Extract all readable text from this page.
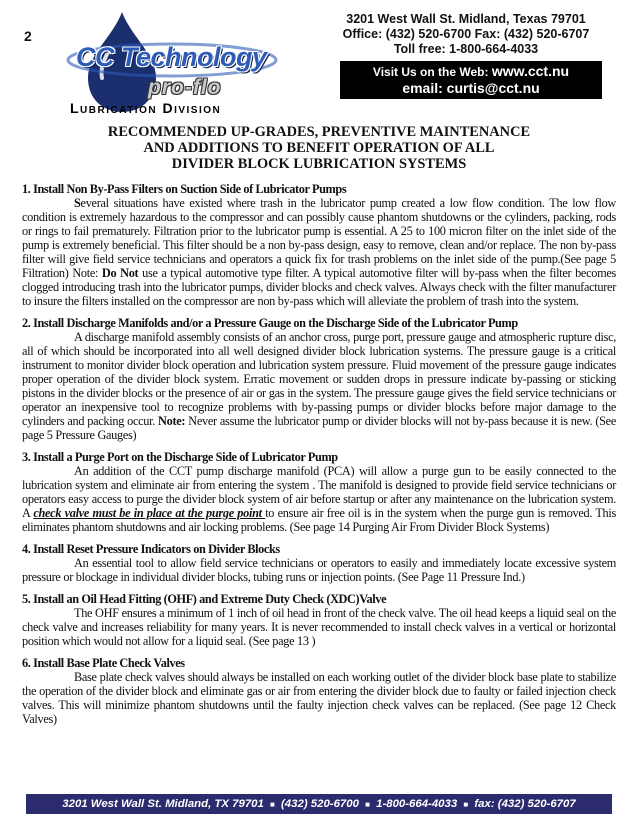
2
CC Technology
pro-flo
Lubrication Division
3201 West Wall St. Midland, Texas 79701
Office: (432) 520-6700 Fax: (432) 520-6707
Toll free: 1-800-664-4033
Visit Us on the Web: www.cct.nu
email: curtis@cct.nu
RECOMMENDED UP-GRADES, PREVENTIVE MAINTENANCE
AND ADDITIONS TO BENEFIT OPERATION OF ALL
DIVIDER BLOCK LUBRICATION SYSTEMS
1. Install Non By-Pass Filters on Suction Side of Lubricator Pumps

Several situations have existed where trash in the lubricator pump created a low flow condition. The low flow condition is extremely hazardous to the compressor and can possibly cause phantom shutdowns or the cylinders, packing, rods or rings to fail prematurely. Filtration prior to the lubricator pump is essential. A 25 to 100 micron filter on the inlet side of the pump is extremely beneficial. This filter should be a non by-pass design, easy to remove, clean and/or replace. The non by-pass filter will give field service technicians and operators a quick fix for trash problems on the inlet side of the pump.(See page 5 Filtration) Note: Do Not use a typical automotive type filter. A typical automotive filter will by-pass when the filter becomes clogged introducing trash into the lubricator pumps, divider blocks and check valves. Always check with the filter manufacturer to insure the filters installed on the compressor are non by-pass which will alleviate the problem of trash into the system.

2. Install Discharge Manifolds and/or a Pressure Gauge on the Discharge Side of the Lubricator Pump

A discharge manifold assembly consists of an anchor cross, purge port, pressure gauge and atmospheric rupture disc, all of which should be incorporated into all well designed divider block lubrication systems. The pressure gauge is a critical instrument to monitor divider block operation and lubrication system pressure. Fluid movement of the pressure gauge indicates proper operation of the divider block system. Erratic movement or sudden drops in pressure indicate by-passing or sticking pistons in the divider blocks or the presence of air or gas in the system. The pressure gauge gives the field service technicians or operator an inexpensive tool to recognize problems with by-passing pumps or divider blocks before major damage to the cylinders and packing occur. Note: Never assume the lubricator pump or divider blocks will not by-pass because it is new. (See page 5 Pressure Gauges)

3. Install a Purge Port on the Discharge Side of Lubricator Pump

An addition of the CCT pump discharge manifold (PCA) will allow a purge gun to be easily connected to the lubrication system and eliminate air from entering the system . The manifold is designed to provide field service technicians or operators easy access to purge the divider block system of air before startup or after any maintenance on the lubrication system. A check valve must be in place at the purge point to ensure air free oil is in the system when the purge gun is removed. This eliminates phantom shutdowns and air locking problems. (See page 14 Purging Air From Divider Block Systems)

4. Install Reset Pressure Indicators on Divider Blocks

An essential tool to allow field service technicians or operators to easily and immediately locate excessive system pressure or blockage in individual divider blocks, tubing runs or injection points. (See Page 11 Pressure Ind.)

5. Install an Oil Head Fitting (OHF) and Extreme Duty Check (XDC)Valve

The OHF ensures a minimum of 1 inch of oil head in front of the check valve. The oil head keeps a liquid seal on the check valve and increases reliability for many years. It is never recommended to install check valves in a vertical or horizontal position which would not allow for a liquid seal. (See page 13 )

6. Install Base Plate Check Valves

Base plate check valves should always be installed on each working outlet of the divider block base plate to stabilize the operation of the divider block and eliminate gas or air from entering the divider block due to faulty or failed injection check valves. This will minimize phantom shutdowns until the faulty injection check valves can be replaced. (See page 12 Check Valves)

3201 West Wall St. Midland, TX 79701 ■ (432) 520-6700 ■ 1-800-664-4033 ■ fax: (432) 520-6707
